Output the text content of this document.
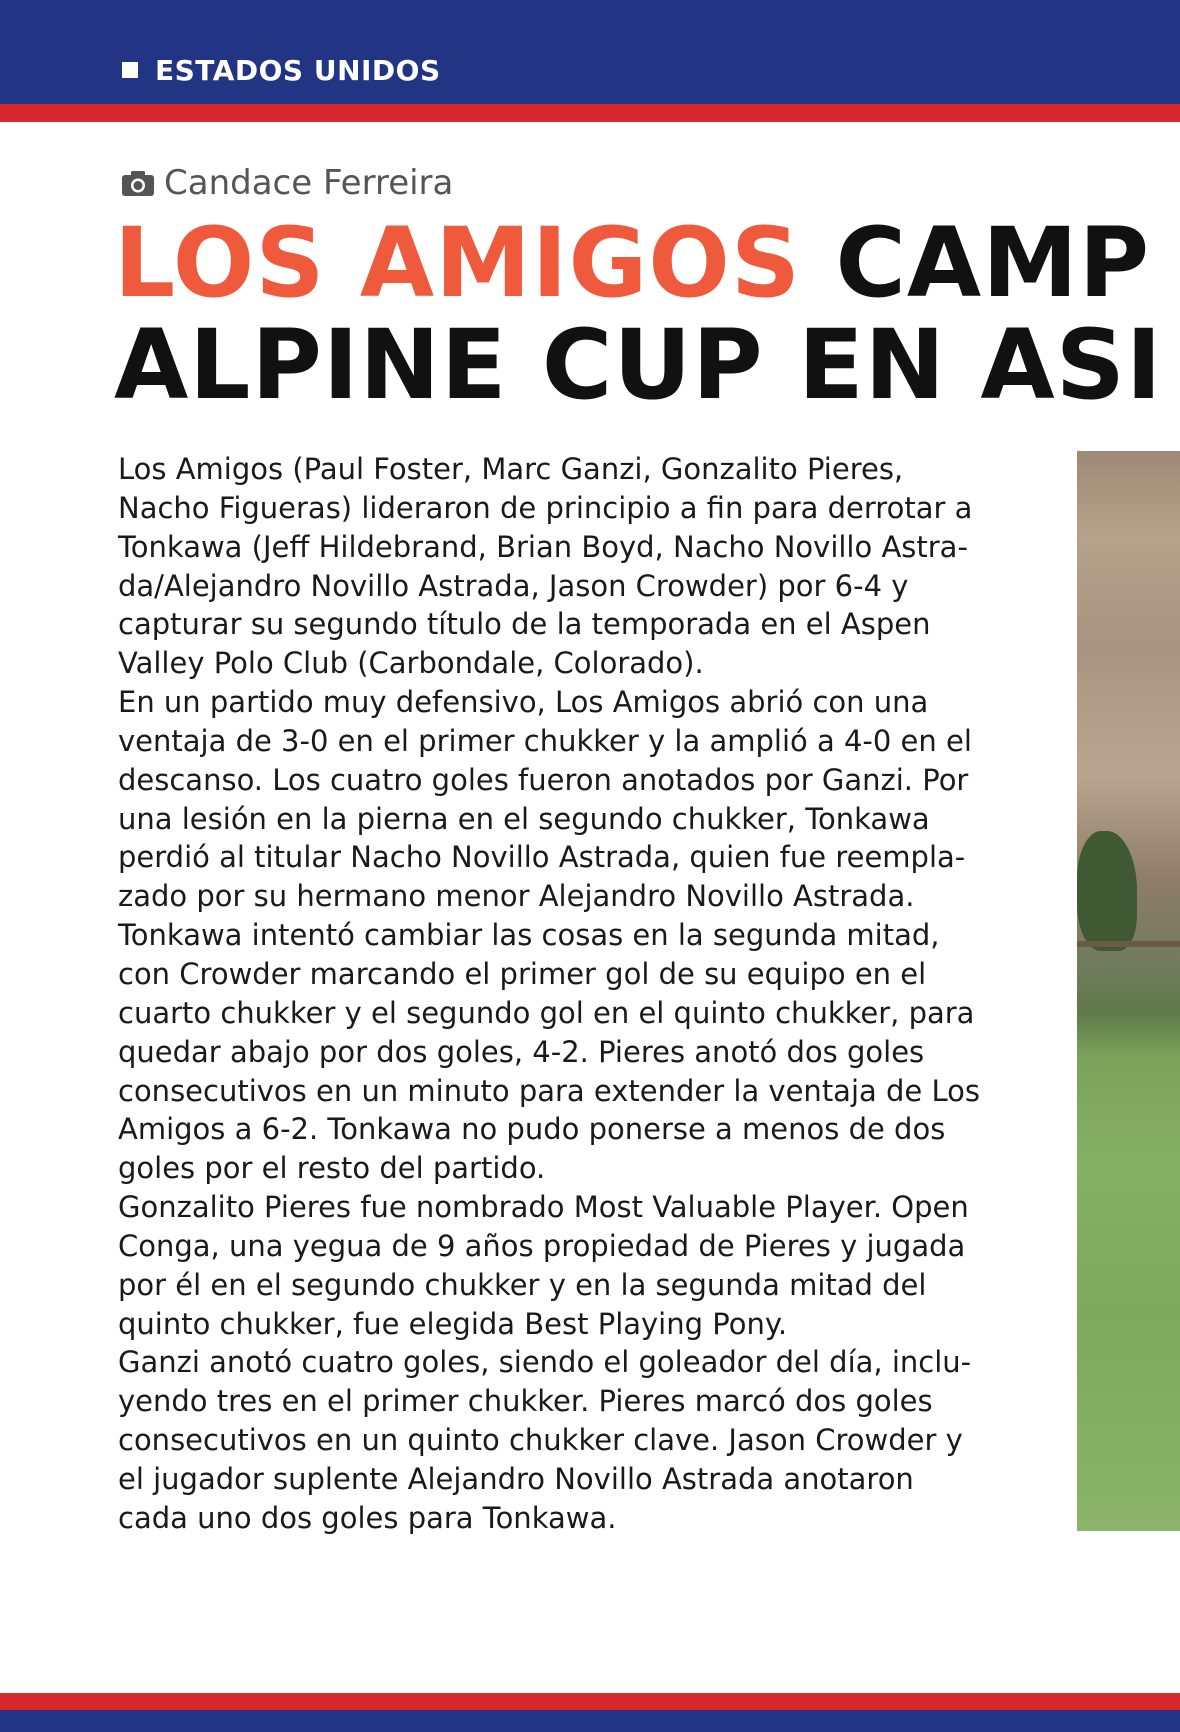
ESTADOS UNIDOS
Candace Ferreira
LOS AMIGOS CAMP
ALPINE CUP EN ASI

Los Amigos (Paul Foster, Marc Ganzi, Gonzalito Pieres,
Nacho Figueras) lideraron de principio a fin para derrotar a
Tonkawa (Jeff Hildebrand, Brian Boyd, Nacho Novillo Astra-
da/Alejandro Novillo Astrada, Jason Crowder) por 6-4 y
capturar su segundo título de la temporada en el Aspen
Valley Polo Club (Carbondale, Colorado).

En un partido muy defensivo, Los Amigos abrió con una
ventaja de 3-0 en el primer chukker y la amplió a 4-0 en el
descanso. Los cuatro goles fueron anotados por Ganzi. Por
una lesión en la pierna en el segundo chukker, Tonkawa
perdió al titular Nacho Novillo Astrada, quien fue reempla-
zado por su hermano menor Alejandro Novillo Astrada.
Tonkawa intentó cambiar las cosas en la segunda mitad,
con Crowder marcando el primer gol de su equipo en el
cuarto chukker y el segundo gol en el quinto chukker, para
quedar abajo por dos goles, 4-2. Pieres anotó dos goles
consecutivos en un minuto para extender la ventaja de Los
Amigos a 6-2. Tonkawa no pudo ponerse a menos de dos
goles por el resto del partido.

Gonzalito Pieres fue nombrado Most Valuable Player. Open
Conga, una yegua de 9 años propiedad de Pieres y jugada
por él en el segundo chukker y en la segunda mitad del
quinto chukker, fue elegida Best Playing Pony.

Ganzi anotó cuatro goles, siendo el goleador del día, inclu-
yendo tres en el primer chukker. Pieres marcó dos goles
consecutivos en un quinto chukker clave. Jason Crowder y
el jugador suplente Alejandro Novillo Astrada anotaron
cada uno dos goles para Tonkawa.
